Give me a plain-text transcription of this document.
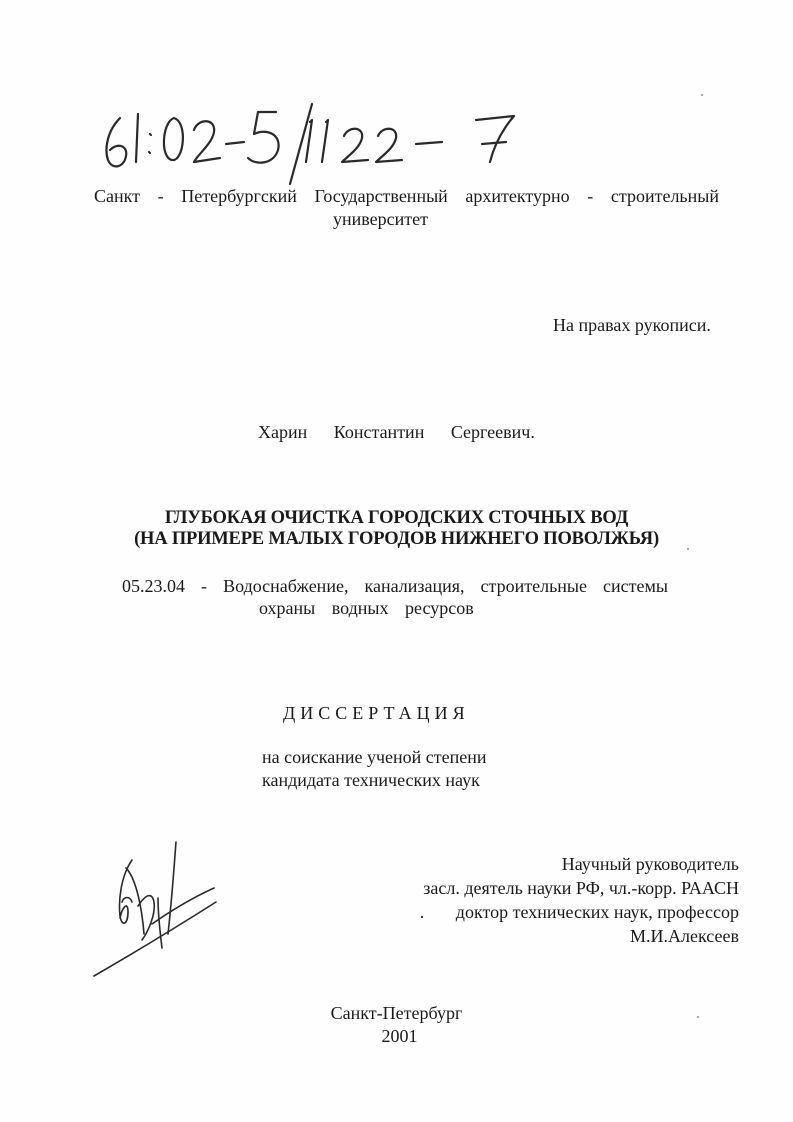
Санкт - Петербургский Государственный архитектурно - строительный
университет
На правах рукописи.
Харин Константин Сергеевич.
ГЛУБОКАЯ ОЧИСТКА ГОРОДСКИХ СТОЧНЫХ ВОД
(НА ПРИМЕРЕ МАЛЫХ ГОРОДОВ НИЖНЕГО ПОВОЛЖЬЯ)
05.23.04 - Водоснабжение, канализация, строительные системы
охраны водных ресурсов
ДИССЕРТАЦИЯ
на соискание ученой степени
кандидата технических наук
Научный руководитель
засл. деятель науки РФ, чл.-корр. РААСН
. доктор технических наук, профессор
М.И.Алексеев
Санкт-Петербург
2001
